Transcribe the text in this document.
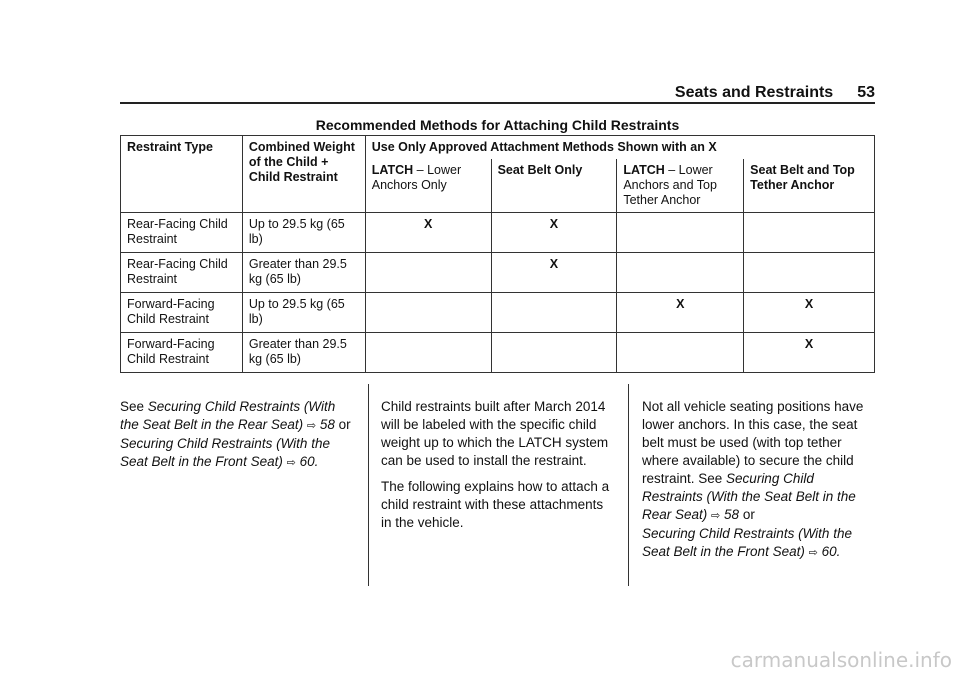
Seats and Restraints 53
Recommended Methods for Attaching Child Restraints
Restraint Type	Combined Weight of the Child + Child Restraint	Use Only Approved Attachment Methods Shown with an X			
		LATCH – Lower Anchors Only	Seat Belt Only	LATCH – Lower Anchors and Top Tether Anchor	Seat Belt and Top Tether Anchor
Rear-Facing Child Restraint	Up to 29.5 kg (65 lb)	X	X		
Rear-Facing Child Restraint	Greater than 29.5 kg (65 lb)		X		
Forward-Facing Child Restraint	Up to 29.5 kg (65 lb)			X	X
Forward-Facing Child Restraint	Greater than 29.5 kg (65 lb)				X

See Securing Child Restraints (With the Seat Belt in the Rear Seat) ⇨ 58 or
Securing Child Restraints (With the Seat Belt in the Front Seat) ⇨ 60.

Child restraints built after March 2014 will be labeled with the specific child weight up to which the LATCH system can be used to install the restraint.

The following explains how to attach a child restraint with these attachments in the vehicle.

Not all vehicle seating positions have lower anchors. In this case, the seat belt must be used (with top tether where available) to secure the child restraint. See Securing Child Restraints (With the Seat Belt in the Rear Seat) ⇨ 58 or
Securing Child Restraints (With the Seat Belt in the Front Seat) ⇨ 60.

carmanualsonline.info
